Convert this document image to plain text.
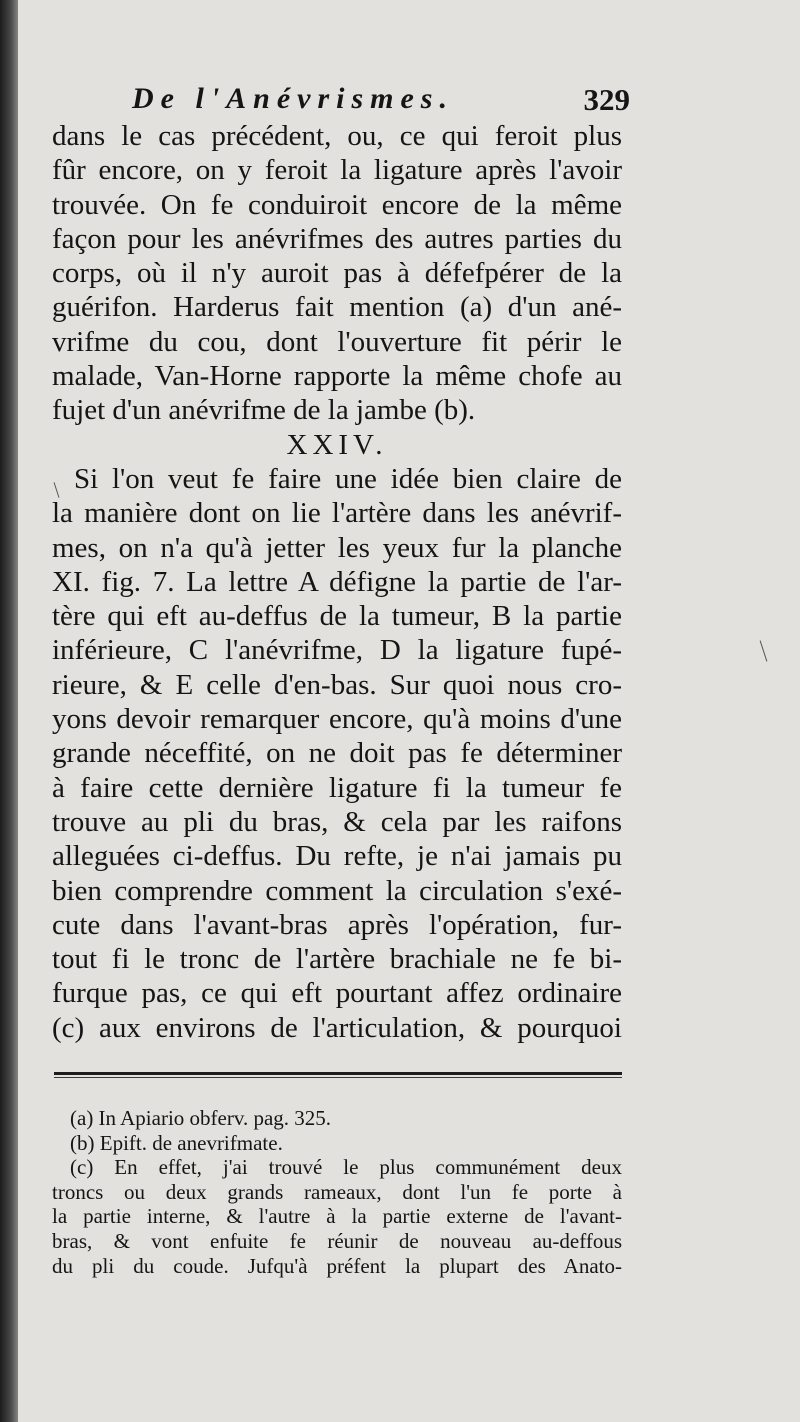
De l'Anévrismes.	329
dans le cas précédent, ou, ce qui feroit plus
fûr encore, on y feroit la ligature après l'avoir
trouvée. On fe conduiroit encore de la même
façon pour les anévrifmes des autres parties du
corps, où il n'y auroit pas à défefpérer de la
guérifon. Harderus fait mention (a) d'un ané-
vrifme du cou, dont l'ouverture fit périr le
malade, Van-Horne rapporte la même chofe au
fujet d'un anévrifme de la jambe (b).
XXIV.
Si l'on veut fe faire une idée bien claire de
la manière dont on lie l'artère dans les anévrif-
mes, on n'a qu'à jetter les yeux fur la planche
XI. fig. 7. La lettre A défigne la partie de l'ar-
tère qui eft au-deffus de la tumeur, B la partie
inférieure, C l'anévrifme, D la ligature fupé-
rieure, & E celle d'en-bas. Sur quoi nous cro-
yons devoir remarquer encore, qu'à moins d'une
grande néceffité, on ne doit pas fe déterminer
à faire cette dernière ligature fi la tumeur fe
trouve au pli du bras, & cela par les raifons
alleguées ci-deffus. Du refte, je n'ai jamais pu
bien comprendre comment la circulation s'exé-
cute dans l'avant-bras après l'opération, fur-
tout fi le tronc de l'artère brachiale ne fe bi-
furque pas, ce qui eft pourtant affez ordinaire
(c) aux environs de l'articulation, & pourquoi
(a) In Apiario obferv. pag. 325.
(b) Epift. de anevrifmate.
(c) En effet, j'ai trouvé le plus communément deux
troncs ou deux grands rameaux, dont l'un fe porte à
la partie interne, & l'autre à la partie externe de l'avant-
bras, & vont enfuite fe réunir de nouveau au-deffous
du pli du coude. Jufqu'à préfent la plupart des Anato-
